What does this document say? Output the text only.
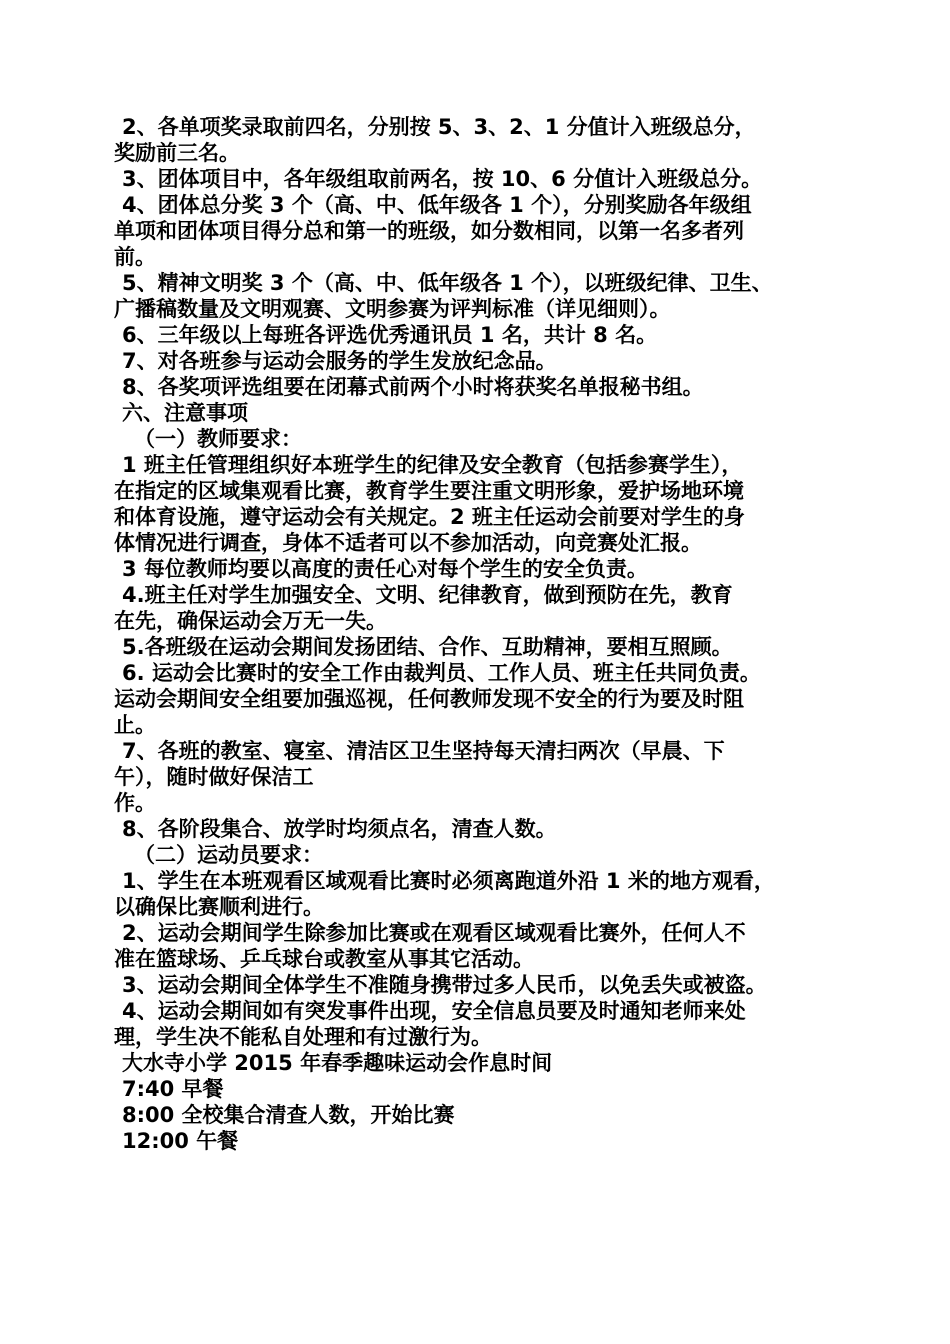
2、各单项奖录取前四名，分别按 5、3、2、1 分值计入班级总分，
奖励前三名。
3、团体项目中，各年级组取前两名，按 10、6 分值计入班级总分。
4、团体总分奖 3 个（高、中、低年级各 1 个），分别奖励各年级组
单项和团体项目得分总和第一的班级，如分数相同，以第一名多者列
前。
5、精神文明奖 3 个（高、中、低年级各 1 个），以班级纪律、卫生、
广播稿数量及文明观赛、文明参赛为评判标准（详见细则）。
6、三年级以上每班各评选优秀通讯员 1 名，共计 8 名。
7、对各班参与运动会服务的学生发放纪念品。
8、各奖项评选组要在闭幕式前两个小时将获奖名单报秘书组。
六、注意事项
（一）教师要求：
1 班主任管理组织好本班学生的纪律及安全教育（包括参赛学生），
在指定的区域集观看比赛，教育学生要注重文明形象，爱护场地环境
和体育设施，遵守运动会有关规定。2 班主任运动会前要对学生的身
体情况进行调查，身体不适者可以不参加活动，向竞赛处汇报。
3 每位教师均要以高度的责任心对每个学生的安全负责。
4.班主任对学生加强安全、文明、纪律教育，做到预防在先，教育
在先，确保运动会万无一失。
5.各班级在运动会期间发扬团结、合作、互助精神，要相互照顾。
6. 运动会比赛时的安全工作由裁判员、工作人员、班主任共同负责。
运动会期间安全组要加强巡视，任何教师发现不安全的行为要及时阻
止。
7、各班的教室、寝室、清洁区卫生坚持每天清扫两次（早晨、下
午），随时做好保洁工
作。
8、各阶段集合、放学时均须点名，清查人数。
（二）运动员要求：
1、学生在本班观看区域观看比赛时必须离跑道外沿 1 米的地方观看，
以确保比赛顺利进行。
2、运动会期间学生除参加比赛或在观看区域观看比赛外，任何人不
准在篮球场、乒乓球台或教室从事其它活动。
3、运动会期间全体学生不准随身携带过多人民币，以免丢失或被盗。
4、运动会期间如有突发事件出现，安全信息员要及时通知老师来处
理，学生决不能私自处理和有过激行为。
大水寺小学 2015 年春季趣味运动会作息时间
7:40 早餐
8:00 全校集合清查人数，开始比赛
12:00 午餐
